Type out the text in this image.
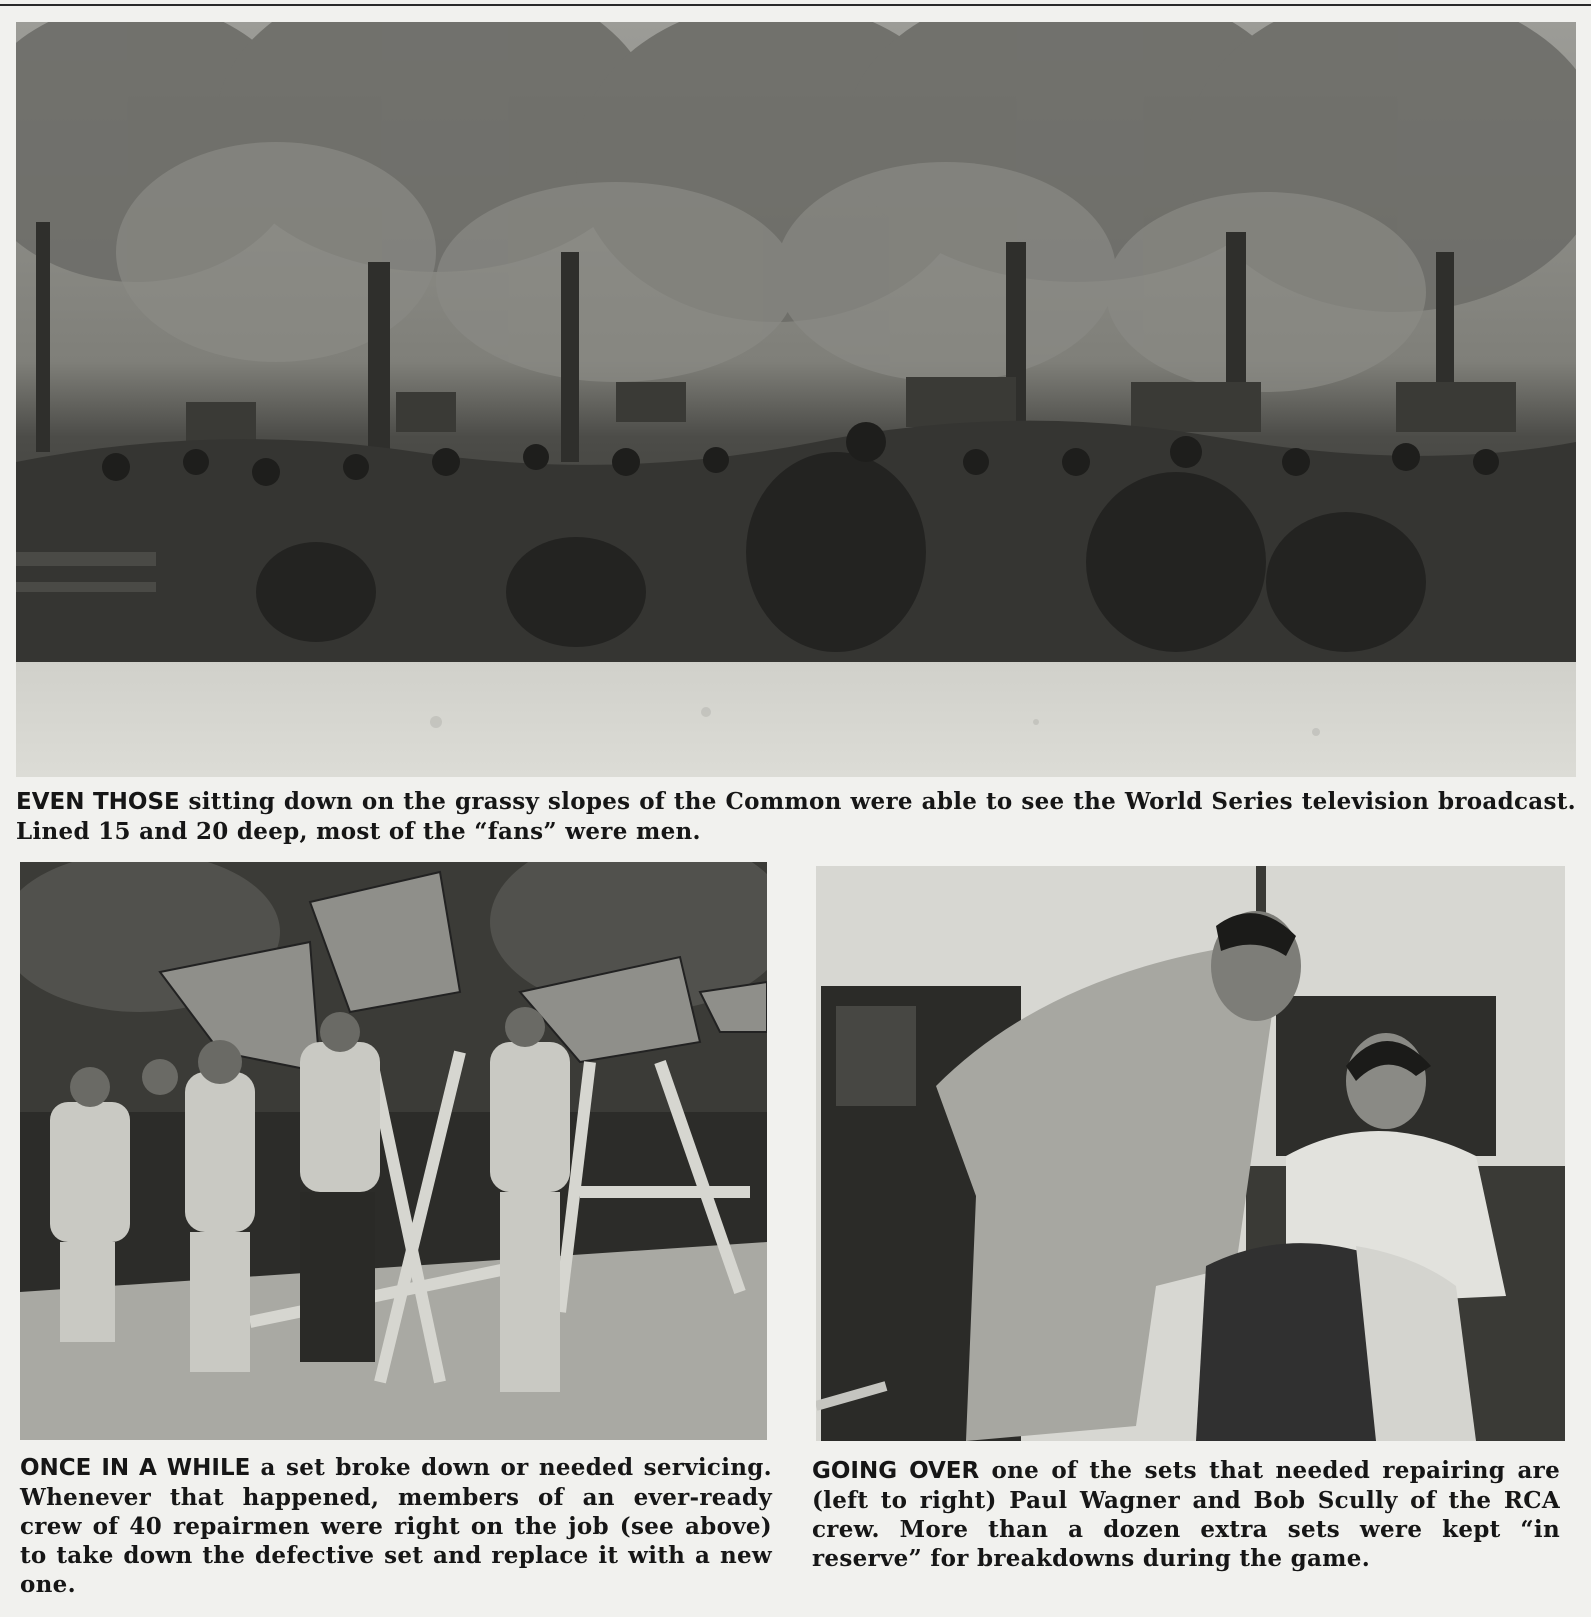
EVEN THOSE sitting down on the grassy slopes of the Common were able to see the World Series television broadcast. Lined 15 and 20 deep, most of the “fans” were men.
ONCE IN A WHILE a set broke down or needed servicing. Whenever that happened, members of an ever-ready crew of 40 repairmen were right on the job (see above) to take down the defective set and replace it with a new one.
GOING OVER one of the sets that needed repairing are (left to right) Paul Wagner and Bob Scully of the RCA crew. More than a dozen extra sets were kept “in reserve” for breakdowns during the game.
